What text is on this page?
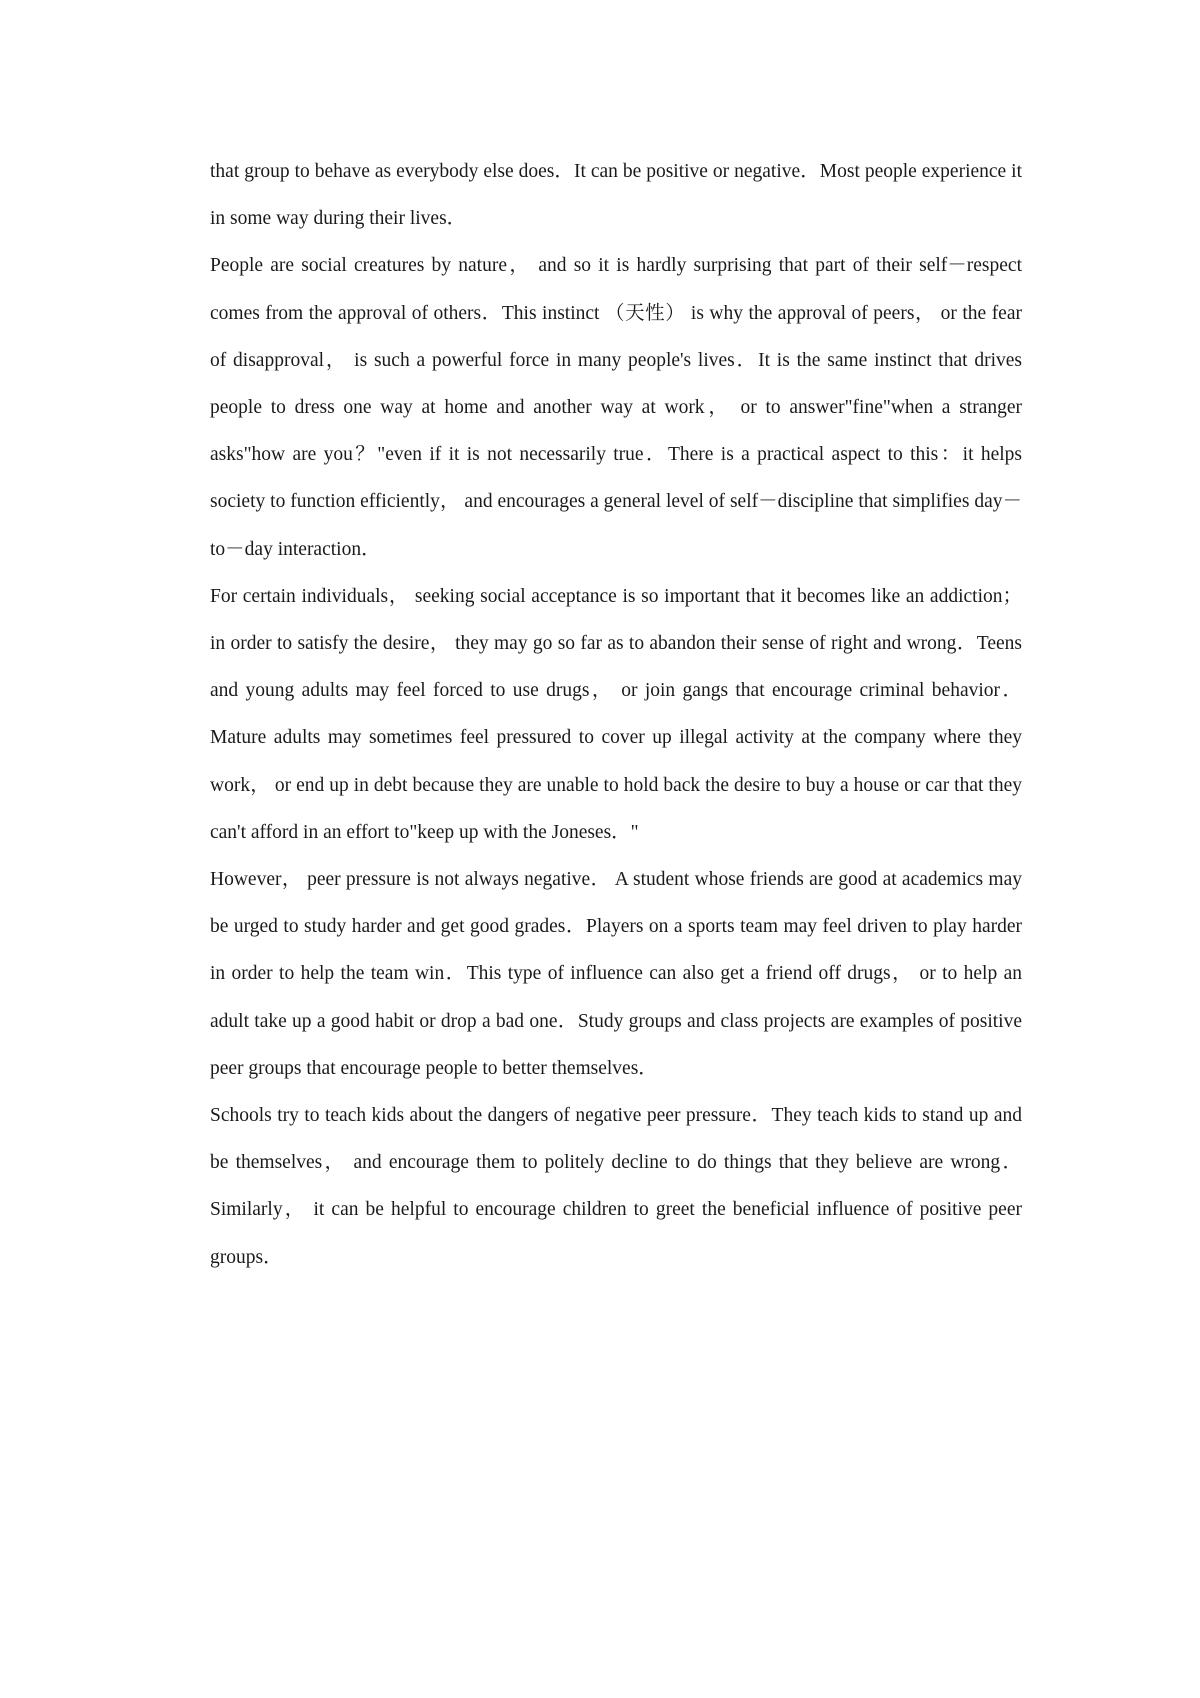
that group to behave as everybody else does．It can be positive or negative．Most people experience it in some way during their lives．

People are social creatures by nature， and so it is hardly surprising that part of their self－respect comes from the approval of others．This instinct （天性） is why the approval of peers， or the fear of disapproval， is such a powerful force in many people's lives．It is the same instinct that drives people to dress one way at home and another way at work， or to answer"fine"when a stranger asks"how are you？"even if it is not necessarily true．There is a practical aspect to this：it helps society to function efficiently， and encourages a general level of self－discipline that simplifies day－to－day interaction．

For certain individuals， seeking social acceptance is so important that it becomes like an addiction； in order to satisfy the desire， they may go so far as to abandon their sense of right and wrong．Teens and young adults may feel forced to use drugs， or join gangs that encourage criminal behavior．Mature adults may sometimes feel pressured to cover up illegal activity at the company where they work， or end up in debt because they are unable to hold back the desire to buy a house or car that they can't afford in an effort to"keep up with the Joneses．"

However， peer pressure is not always negative． A student whose friends are good at academics may be urged to study harder and get good grades．Players on a sports team may feel driven to play harder in order to help the team win．This type of influence can also get a friend off drugs， or to help an adult take up a good habit or drop a bad one．Study groups and class projects are examples of positive peer groups that encourage people to better themselves．

Schools try to teach kids about the dangers of negative peer pressure．They teach kids to stand up and be themselves， and encourage them to politely decline to do things that they believe are wrong．Similarly， it can be helpful to encourage children to greet the beneficial influence of positive peer groups．
